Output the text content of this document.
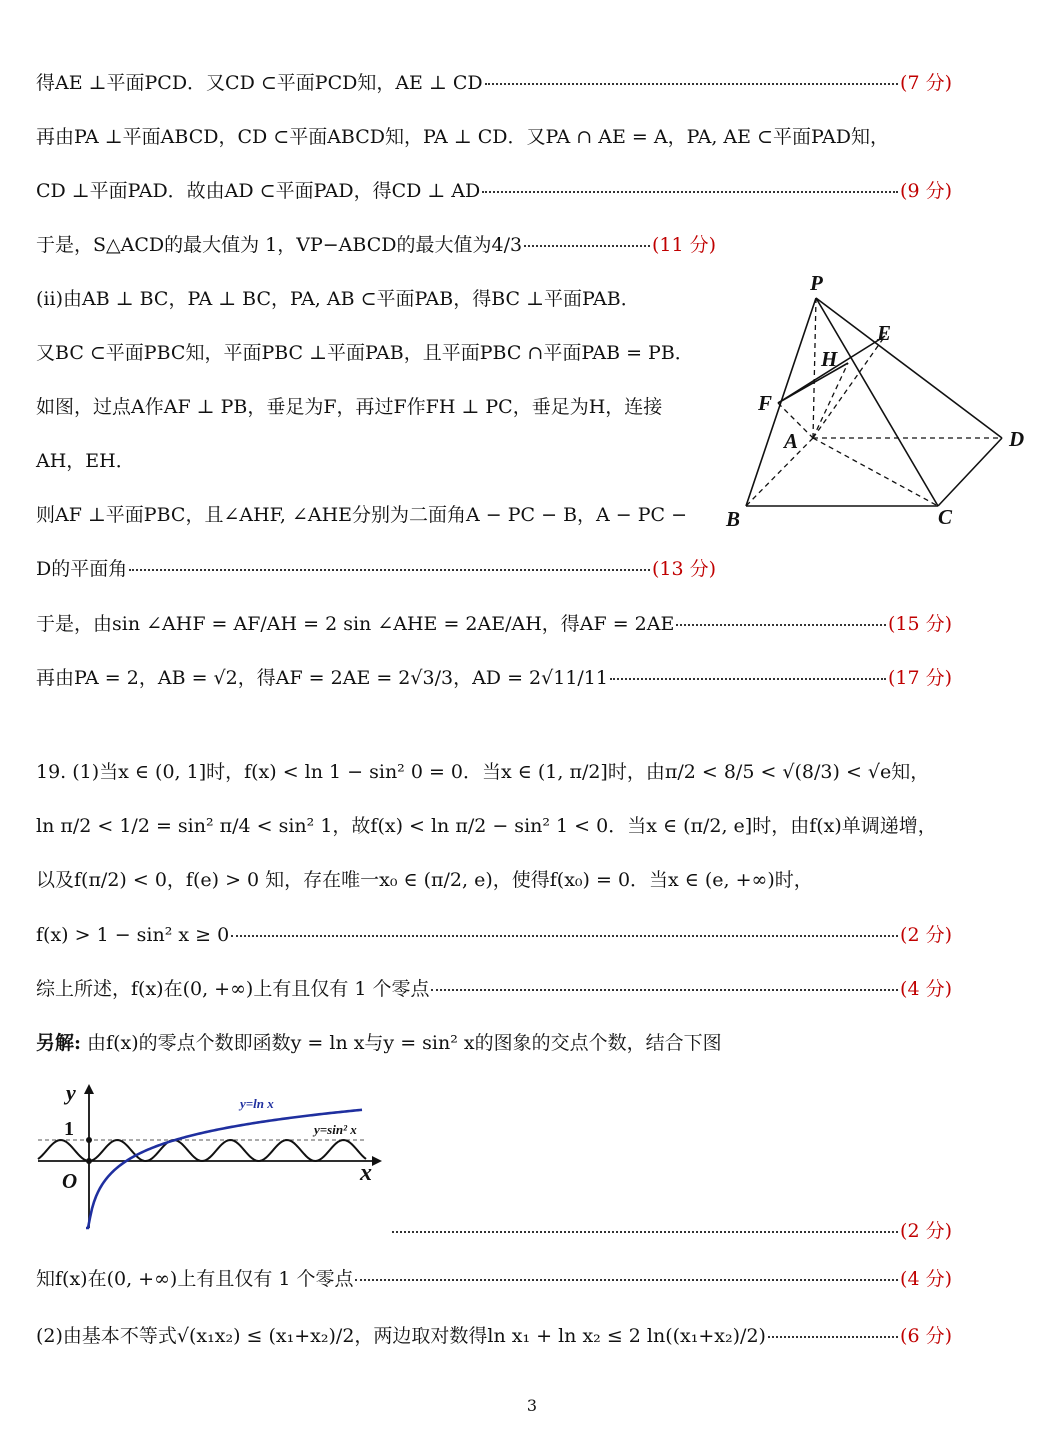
得AE ⊥平面PCD．又CD ⊂平面PCD知，AE ⊥ CD	(7 分)
再由PA ⊥平面ABCD，CD ⊂平面ABCD知，PA ⊥ CD．又PA ∩ AE = A，PA, AE ⊂平面PAD知，
CD ⊥平面PAD．故由AD ⊂平面PAD，得CD ⊥ AD	(9 分)
于是，S△ACD的最大值为 1，VP−ABCD的最大值为4/3	(11 分)
(ii)由AB ⊥ BC，PA ⊥ BC，PA, AB ⊂平面PAB，得BC ⊥平面PAB．
又BC ⊂平面PBC知，平面PBC ⊥平面PAB，且平面PBC ∩平面PAB = PB．
如图，过点A作AF ⊥ PB，垂足为F，再过F作FH ⊥ PC，垂足为H，连接
AH，EH．
则AF ⊥平面PBC，且∠AHF, ∠AHE分别为二面角A − PC − B，A − PC −
D的平面角	(13 分)
于是，由sin ∠AHF = AF/AH = 2 sin ∠AHE = 2AE/AH，得AF = 2AE	(15 分)
再由PA = 2，AB = √2，得AF = 2AE = 2√3/3，AD = 2√11/11	(17 分)
19. (1)当x ∈ (0, 1]时，f(x) < ln 1 − sin² 0 = 0．当x ∈ (1, π/2]时，由π/2 < 8/5 < √(8/3) < √e知，
ln π/2 < 1/2 = sin² π/4 < sin² 1，故f(x) < ln π/2 − sin² 1 < 0．当x ∈ (π/2, e]时，由f(x)单调递增，
以及f(π/2) < 0，f(e) > 0 知，存在唯一x₀ ∈ (π/2, e)，使得f(x₀) = 0．当x ∈ (e, +∞)时，
f(x) > 1 − sin² x ≥ 0	(2 分)
综上所述，f(x)在(0, +∞)上有且仅有 1 个零点	(4 分)
另解: 由f(x)的零点个数即函数y = ln x与y = sin² x的图象的交点个数，结合下图
(2 分)
知f(x)在(0, +∞)上有且仅有 1 个零点	(4 分)
(2)由基本不等式√(x₁x₂) ≤ (x₁+x₂)/2，两边取对数得ln x₁ + ln x₂ ≤ 2 ln((x₁+x₂)/2)	(6 分)
P
E
H
F
A	D
B	C
y
1
O	x
y=ln x
y=sin² x
3
